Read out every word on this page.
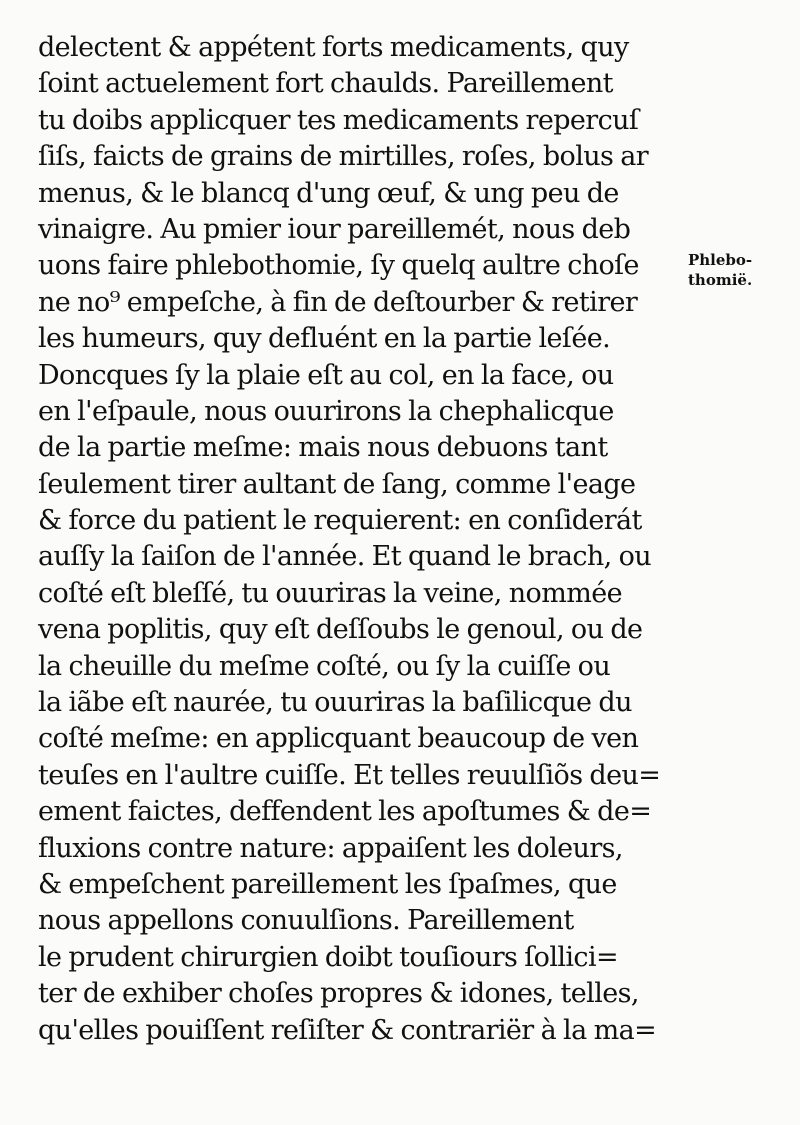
delectent & appétent forts medicaments, quy
ſoint actuelement fort chaulds. Pareillement
tu doibs applicquer tes medicaments repercuſ
ſiſs, faicts de grains de mirtilles, roſes, bolus ar
menus, & le blancq d'ung œuf, & ung peu de
vinaigre. Au pmier iour pareillemét, nous deb
uons faire phlebothomie, ſy quelq aultre choſe
ne no⁹ empeſche, à fin de deſtourber & retirer
les humeurs, quy defluént en la partie leſée.
Doncques ſy la plaie eſt au col, en la face, ou
en l'eſpaule, nous ouurirons la chephalicque
de la partie meſme: mais nous debuons tant
ſeulement tirer aultant de ſang, comme l'eage
& force du patient le requierent: en conſiderát
auſſy la ſaiſon de l'année. Et quand le brach, ou
coſté eſt bleſſé, tu ouuriras la veine, nommée
vena poplitis, quy eſt deſſoubs le genoul, ou de
la cheuille du meſme coſté, ou ſy la cuiſſe ou
la iãbe eſt naurée, tu ouuriras la baſilicque du
coſté meſme: en applicquant beaucoup de ven
teuſes en l'aultre cuiſſe. Et telles reuulſiõs deu=
ement faictes, deffendent les apoſtumes & de=
fluxions contre nature: appaiſent les doleurs,
& empeſchent pareillement les ſpaſmes, que
nous appellons conuulſions. Pareillement
le prudent chirurgien doibt touſiours ſollici=
ter de exhiber choſes propres & idones, telles,
qu'elles pouiſſent reſiſter & contrariër à la ma=
Phlebo-
thomië.
